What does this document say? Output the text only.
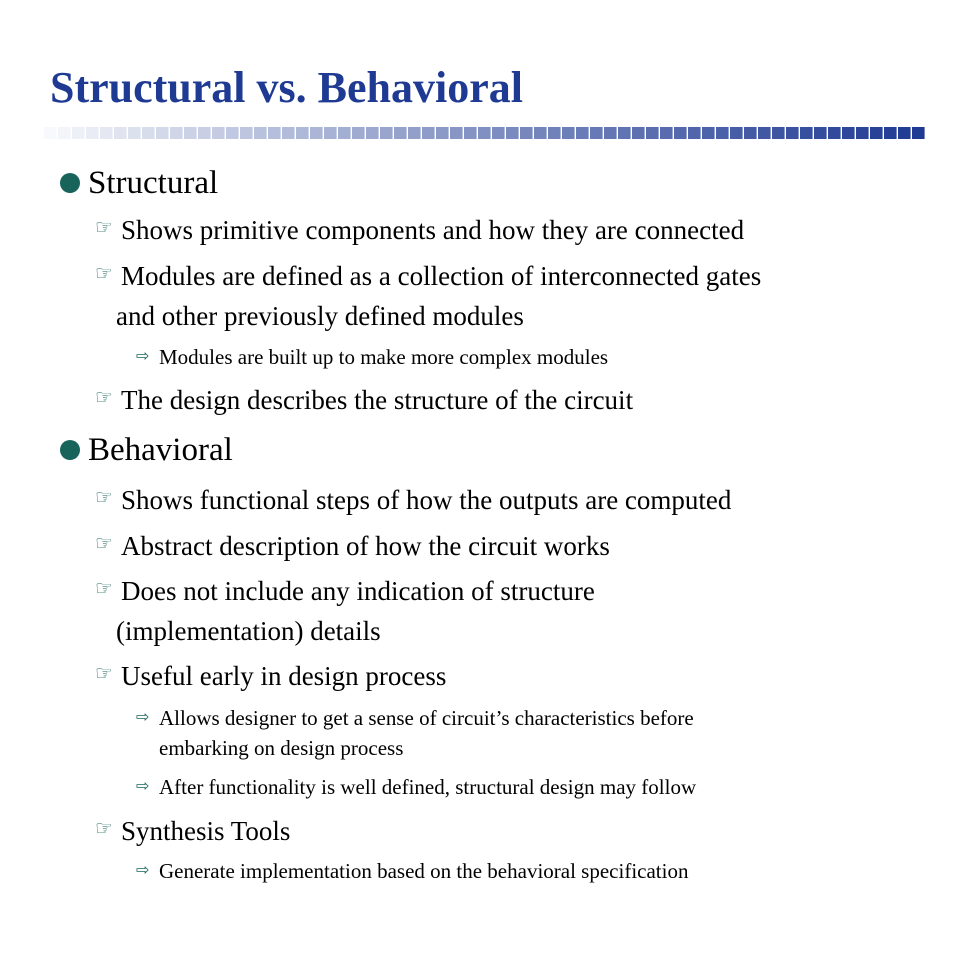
Structural vs. Behavioral
Structural
☞ Shows primitive components and how they are connected
☞ Modules are defined as a collection of interconnected gates
and other previously defined modules
⇨ Modules are built up to make more complex modules
☞ The design describes the structure of the circuit
Behavioral
☞ Shows functional steps of how the outputs are computed
☞ Abstract description of how the circuit works
☞ Does not include any indication of structure
(implementation) details
☞ Useful early in design process
⇨ Allows designer to get a sense of circuit’s characteristics before
embarking on design process
⇨ After functionality is well defined, structural design may follow
☞ Synthesis Tools
⇨ Generate implementation based on the behavioral specification
